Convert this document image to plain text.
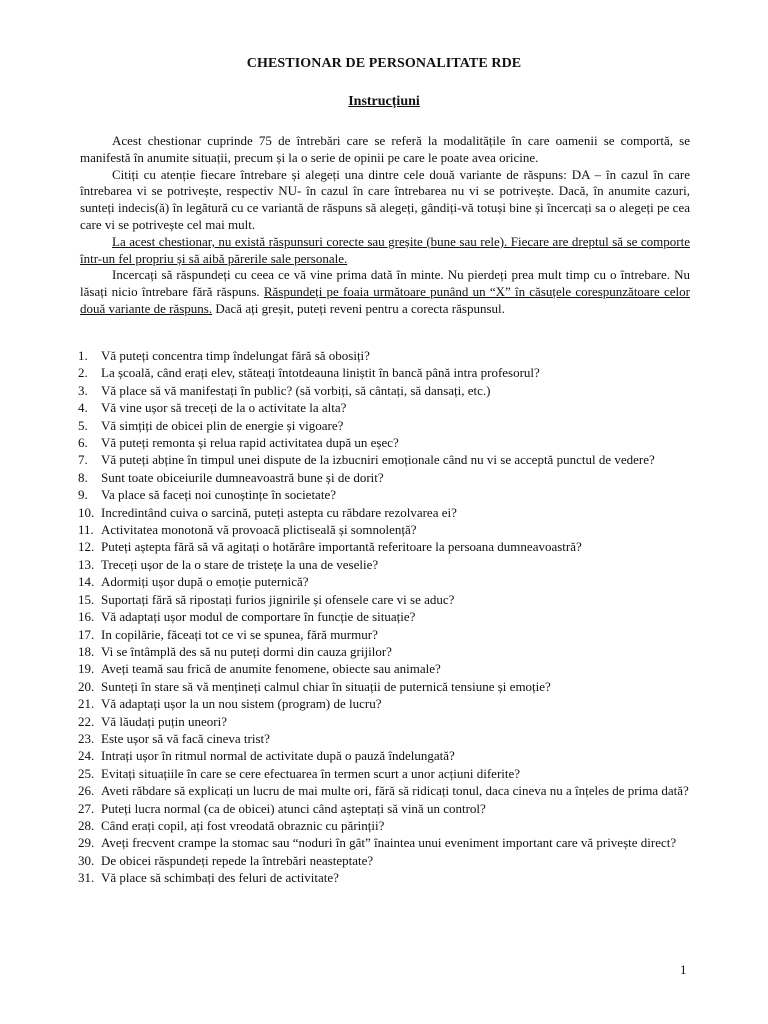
CHESTIONAR DE PERSONALITATE RDE
Instrucțiuni

Acest chestionar cuprinde 75 de întrebări care se referă la modalitățile în care oamenii se comportă, se manifestă în anumite situații, precum și la o serie de opinii pe care le poate avea oricine.

Citiți cu atenție fiecare întrebare și alegeți una dintre cele două variante de răspuns: DA – în cazul în care întrebarea vi se potrivește, respectiv NU- în cazul în care întrebarea nu vi se potrivește. Dacă, în anumite cazuri, sunteți indecis(ă) în legătură cu ce variantă de răspuns să alegeți, gândiți-vă totuși bine și încercați sa o alegeți pe cea care vi se potrivește cel mai mult.

La acest chestionar, nu există răspunsuri corecte sau greșite (bune sau rele). Fiecare are dreptul să se comporte într-un fel propriu și să aibă părerile sale personale.

Incercați să răspundeți cu ceea ce vă vine prima dată în minte. Nu pierdeți prea mult timp cu o întrebare. Nu lăsați nicio întrebare fără răspuns. Răspundeți pe foaia următoare punând un “X” în căsuțele corespunzătoare celor două variante de răspuns. Dacă ați greșit, puteți reveni pentru a corecta răspunsul.

1.	Vă puteți concentra timp îndelungat fără să obosiți?
2.	La școală, când erați elev, stăteați întotdeauna liniștit în bancă până intra profesorul?
3.	Vă place să vă manifestați în public? (să vorbiți, să cântați, să dansați, etc.)
4.	Vă vine ușor să treceți de la o activitate la alta?
5.	Vă simțiți de obicei plin de energie și vigoare?
6.	Vă puteți remonta și relua rapid activitatea după un eșec?
7.	Vă puteți abține în timpul unei dispute de la izbucniri emoționale când nu vi se acceptă punctul de vedere?
8.	Sunt toate obiceiurile dumneavoastră bune și de dorit?
9.	Va place să faceți noi cunoștințe în societate?
10. Incredintând cuiva o sarcină, puteți astepta cu răbdare rezolvarea ei?
11. Activitatea monotonă vă provoacă plictiseală și somnolență?
12. Puteți aștepta fără să vă agitați o hotărâre importantă referitoare la persoana dumneavoastră?
13. Treceți ușor de la o stare de tristețe la una de veselie?
14. Adormiți ușor după o emoție puternică?
15. Suportați fără să ripostați furios jignirile și ofensele care vi se aduc?
16. Vă adaptați ușor modul de comportare în funcție de situație?
17. In copilărie, făceați tot ce vi se spunea, fără murmur?
18. Vi se întâmplă des să nu puteți dormi din cauza grijilor?
19. Aveți teamă sau frică de anumite fenomene, obiecte sau animale?
20. Sunteți în stare să vă mențineți calmul chiar în situații de puternică tensiune și emoție?
21. Vă adaptați ușor la un nou sistem (program) de lucru?
22. Vă lăudați puțin uneori?
23. Este ușor să vă facă cineva trist?
24. Intrați ușor în ritmul normal de activitate după o pauză îndelungată?
25. Evitați situațiile în care se cere efectuarea în termen scurt a unor acțiuni diferite?
26. Aveti răbdare să explicați un lucru de mai multe ori, fără să ridicați tonul, daca cineva nu a înțeles de prima dată?
27. Puteți lucra normal (ca de obicei) atunci când așteptați să vină un control?
28. Când erați copil, ați fost vreodată obraznic cu părinții?
29. Aveți frecvent crampe la stomac sau “noduri în gât” înaintea unui eveniment important care vă privește direct?
30. De obicei răspundeți repede la întrebări neasteptate?
31. Vă place să schimbați des feluri de activitate?
1
